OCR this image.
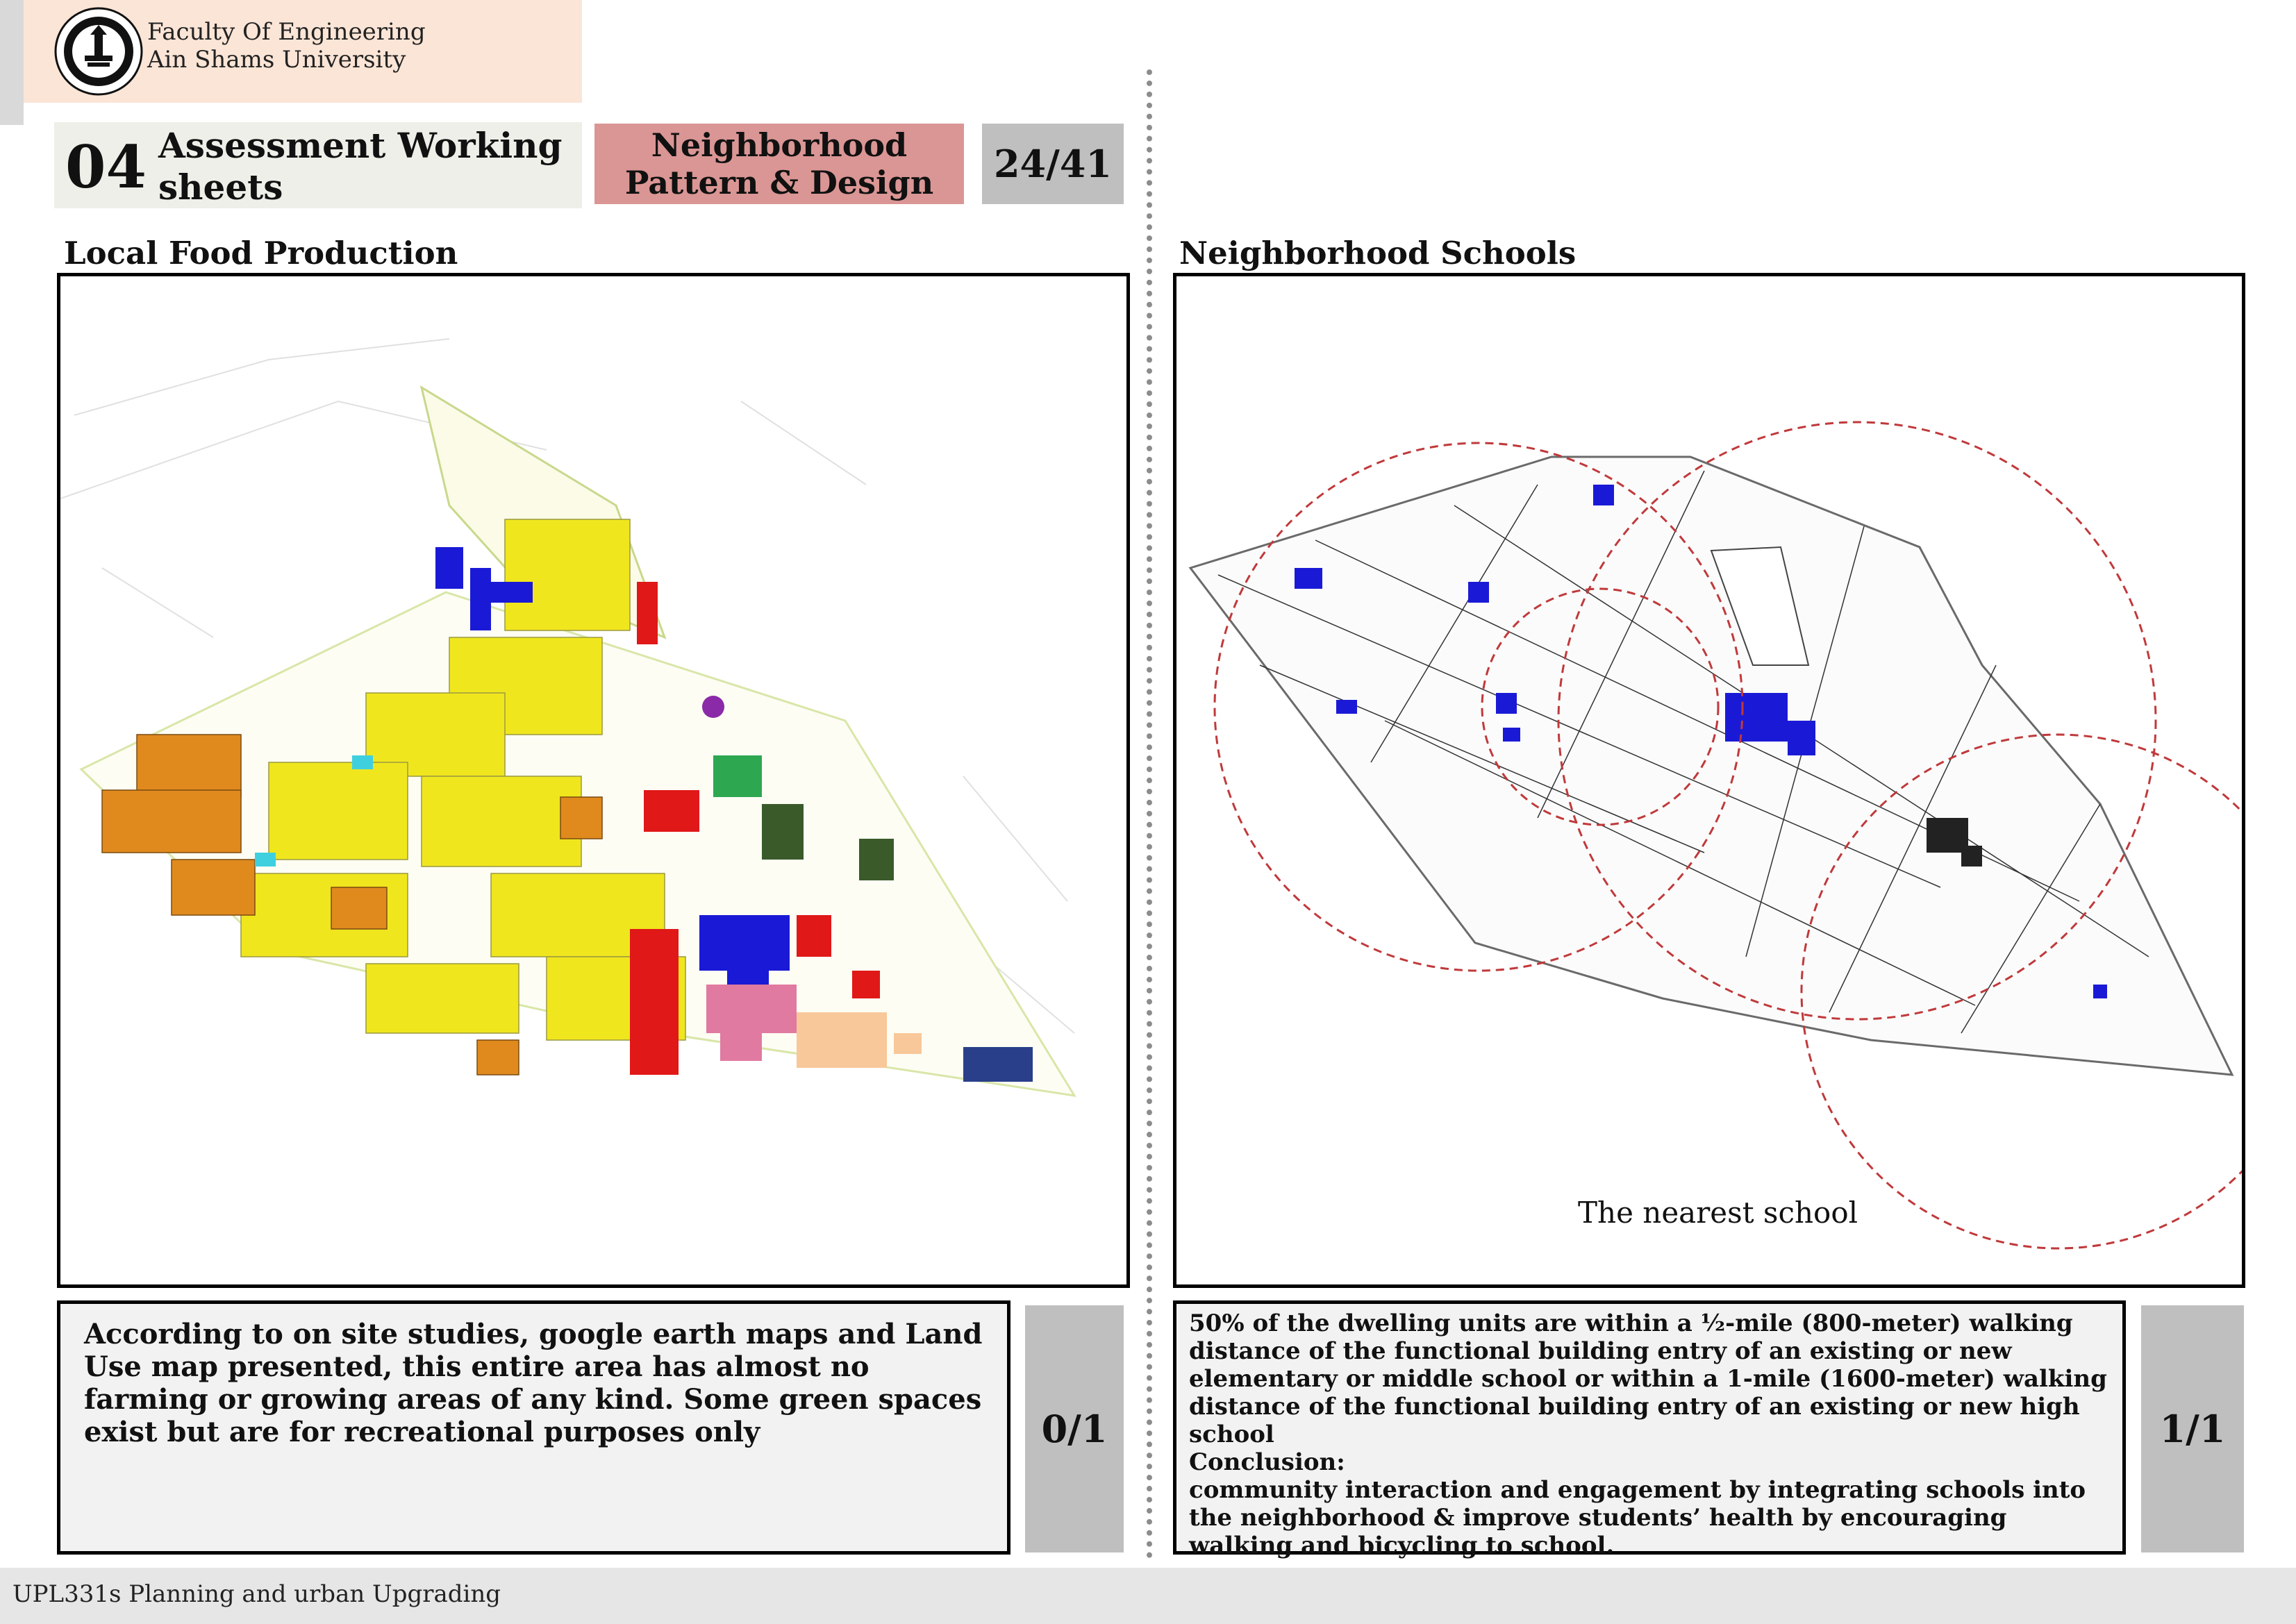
Faculty Of Engineering
Ain Shams University
04 Assessment Working
sheets
Neighborhood
Pattern & Design	24/41
Local Food Production
According to on site studies, google earth maps and Land Use map presented, this entire area has almost no farming or growing areas of any kind. Some green spaces exist but are for recreational purposes only	0/1
Neighborhood Schools
The nearest school
50% of the dwelling units are within a ½-mile (800-meter) walking distance of the functional building entry of an existing or new elementary or middle school or within a 1-mile (1600-meter) walking distance of the functional building entry of an existing or new high school
Conclusion:
community interaction and engagement by integrating schools into the neighborhood & improve students’ health by encouraging walking and bicycling to school.
1/1
UPL331s Planning and urban Upgrading
